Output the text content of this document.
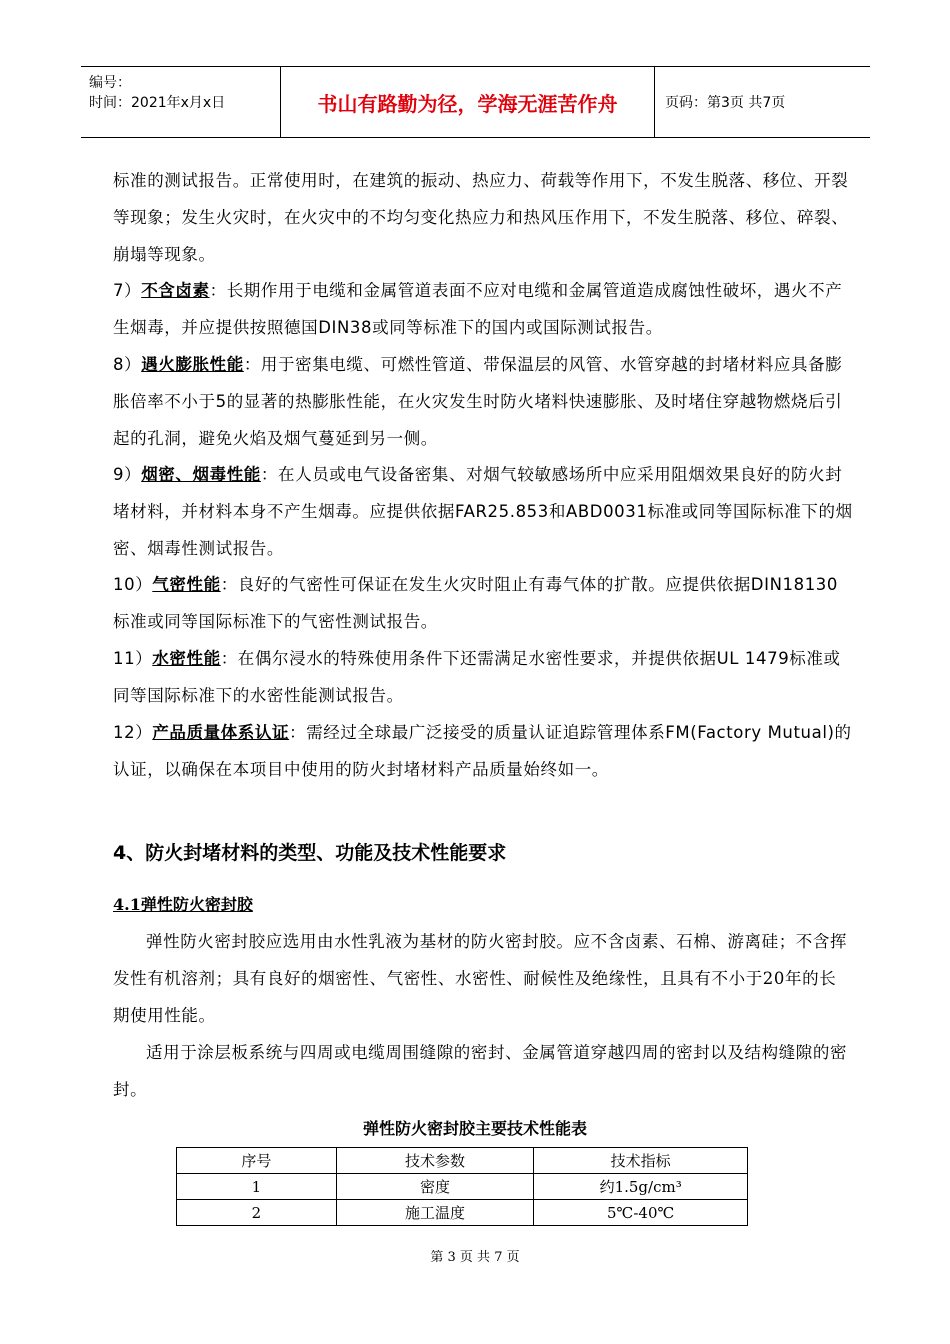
编号：
时间：2021年x月x日	书山有路勤为径，学海无涯苦作舟	页码：第3页 共7页
标准的测试报告。正常使用时，在建筑的振动、热应力、荷载等作用下，不发生脱落、移位、开裂等现象；发生火灾时，在火灾中的不均匀变化热应力和热风压作用下，不发生脱落、移位、碎裂、崩塌等现象。
7）不含卤素：长期作用于电缆和金属管道表面不应对电缆和金属管道造成腐蚀性破坏，遇火不产生烟毒，并应提供按照德国DIN38或同等标准下的国内或国际测试报告。
8）遇火膨胀性能：用于密集电缆、可燃性管道、带保温层的风管、水管穿越的封堵材料应具备膨胀倍率不小于5的显著的热膨胀性能，在火灾发生时防火堵料快速膨胀、及时堵住穿越物燃烧后引起的孔洞，避免火焰及烟气蔓延到另一侧。
9）烟密、烟毒性能：在人员或电气设备密集、对烟气较敏感场所中应采用阻烟效果良好的防火封堵材料，并材料本身不产生烟毒。应提供依据FAR25.853和ABD0031标准或同等国际标准下的烟密、烟毒性测试报告。
10）气密性能：良好的气密性可保证在发生火灾时阻止有毒气体的扩散。应提供依据DIN18130标准或同等国际标准下的气密性测试报告。
11）水密性能：在偶尔浸水的特殊使用条件下还需满足水密性要求，并提供依据UL 1479标准或同等国际标准下的水密性能测试报告。
12）产品质量体系认证：需经过全球最广泛接受的质量认证追踪管理体系FM(Factory Mutual)的认证，以确保在本项目中使用的防火封堵材料产品质量始终如一。
4、防火封堵材料的类型、功能及技术性能要求
4.1弹性防火密封胶
弹性防火密封胶应选用由水性乳液为基材的防火密封胶。应不含卤素、石棉、游离硅；不含挥发性有机溶剂；具有良好的烟密性、气密性、水密性、耐候性及绝缘性，且具有不小于20年的长期使用性能。
适用于涂层板系统与四周或电缆周围缝隙的密封、金属管道穿越四周的密封以及结构缝隙的密封。
弹性防火密封胶主要技术性能表
序号	技术参数	技术指标
1	密度	约1.5g/cm³
2	施工温度	5℃-40℃
第 3 页 共 7 页
